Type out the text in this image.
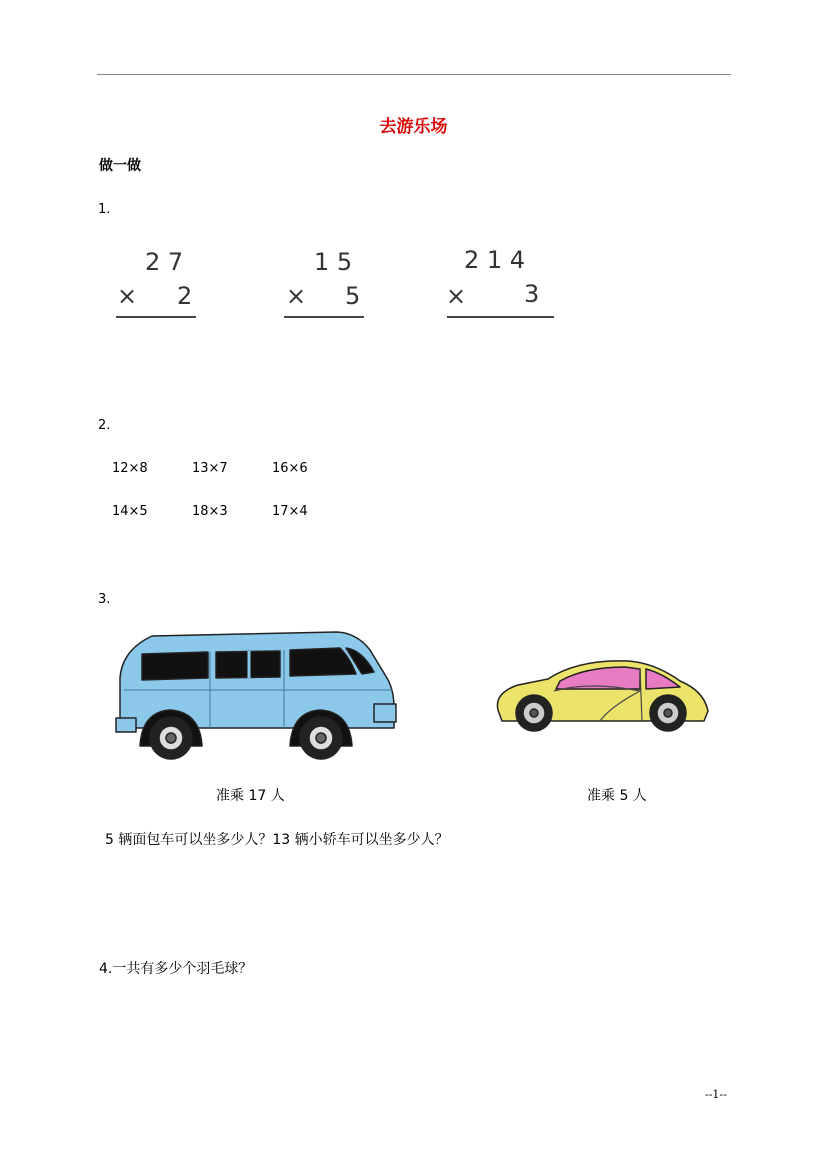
去游乐场
做一做
1.
2 7
× 2
1 5
× 5
2 1 4
× 3
2.
12×8	13×7	16×6
14×5	18×3	17×4
3.
准乘 17 人	准乘 5 人
5 辆面包车可以坐多少人？13 辆小轿车可以坐多少人？
4.一共有多少个羽毛球？
--1--
